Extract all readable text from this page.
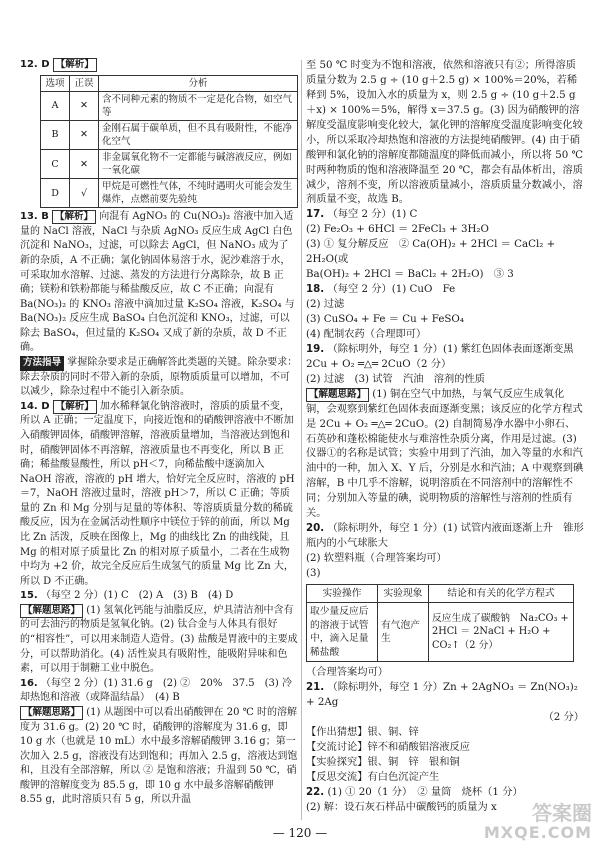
12. D 【解析】
选项	正误	分析
A	✕	含不同种元素的物质不一定是化合物，如空气等
B	✕	金刚石属于碳单质，但不具有吸附性，不能净化空气
C	✕	非金属氧化物不一定都能与碱溶液反应，例如一氧化碳
D	√	甲烷是可燃性气体，不纯时遇明火可能会发生爆炸，点燃前要先验纯

13. B 【解析】 向混有 AgNO₃ 的 Cu(NO₃)₂ 溶液中加入适量的 NaCl 溶液，NaCl 与杂质 AgNO₃ 反应生成 AgCl 白色沉淀和 NaNO₃，过滤，可以除去 AgCl，但 NaNO₃ 成为了新的杂质，A 不正确；氯化钠固体易溶于水，泥沙难溶于水，可采取加水溶解、过滤、蒸发的方法进行分离除杂，故 B 正确；镁粉和铁粉都能与稀盐酸反应，故 C 不正确；向混有 Ba(NO₃)₂ 的 KNO₃ 溶液中滴加过量 K₂SO₄ 溶液，K₂SO₄ 与 Ba(NO₃)₂ 反应生成 BaSO₄ 白色沉淀和 KNO₃，过滤，可以除去 BaSO₄，但过量的 K₂SO₄ 又成了新的杂质，故 D 不正确。

方法指导 掌握除杂要求是正确解答此类题的关键。除杂要求：除去杂质的同时不带入新的杂质，原物质质量可以增加，不可以减少，除杂过程中不能引入新杂质。

14. D 【解析】 加水稀释氯化钠溶液时，溶质的质量不变，所以 A 正确；一定温度下，向接近饱和的硝酸钾溶液中不断加入硝酸钾固体，硝酸钾溶解，溶液质量增加，当溶液达到饱和时，硝酸钾固体不再溶解，溶液质量也不再变化，所以 B 正确；稀盐酸显酸性，所以 pH＜7，向稀盐酸中逐滴加入 NaOH 溶液，溶液的 pH 增大，恰好完全反应时，溶液的 pH＝7，NaOH 溶液过量时，溶液 pH＞7，所以 C 正确；等质量的 Zn 和 Mg 分别与足量的等体积、等溶质质量分数的稀硫酸反应，因为在金属活动性顺序中镁位于锌的前面，所以 Mg 比 Zn 活泼，反映在图像上，Mg 的曲线比 Zn 的曲线陡，且 Mg 的相对原子质量比 Zn 的相对原子质量小，二者在生成物中均为 +2 价，故完全反应后生成氢气的质量 Mg 比 Zn 大，所以 D 不正确。

15. （每空 2 分）(1) C　(2) A　(3) B　(4) D

【解题思路】 (1) 氢氧化钙能与油脂反应，炉具清洁剂中含有的可去油污的物质是氢氧化钠。(2) 钛合金与人体具有很好的“相容性”，可以用来制造人造骨。(3) 盐酸是胃液中的主要成分，可以帮助消化。(4) 活性炭具有吸附性，能吸附异味和色素，可以用于制糖工业中脱色。

16. （每空 2 分）(1) 31.6 g　(2) ②　20%　37.5　(3) 冷却热饱和溶液（或降温结晶）　(4) B

【解题思路】 (1) 从题图中可以看出硝酸钾在 20 ℃ 时的溶解度为 31.6 g。(2) 20 ℃ 时，硝酸钾的溶解度为 31.6 g，即 10 g 水（也就是 10 mL）水中最多溶解硝酸钾 3.16 g；第一次加入 2.5 g，溶液没有达到饱和；再加入 2.5 g，溶液达到饱和，且没有全部溶解，所以 ② 是饱和溶液；升温到 50 ℃，硝酸钾的溶解度变为 85.5 g，即 10 g 水中最多溶解硝酸钾 8.55 g，此时溶质只有 5 g，所以升温

至 50 ℃ 时变为不饱和溶液，依然和溶液只有②；所得溶质质量分数为 2.5 g ÷ (10 g＋2.5 g) × 100%＝20%，若稀释到 5%，设加入水的质量为 x，则 2.5 g ÷ (10 g＋2.5 g＋x) × 100%＝5%，解得 x＝37.5 g。(3) 因为硝酸钾的溶解度受温度影响变化较大，氯化钾的溶解度受温度影响变化较小，所以采取冷却热饱和溶液的方法提纯硝酸钾。(4) 由于硝酸钾和氯化钠的溶解度都随温度的降低而减小，所以将 50 ℃ 时两种物质的饱和溶液降温至 20 ℃，都会有晶体析出，溶质减少，溶剂不变，所以溶液质量减小，溶质质量分数减小，溶剂质量不变，故选 B。

17. （每空 2 分）(1) C

(2) Fe₂O₃ + 6HCl ＝ 2FeCl₃ + 3H₂O

(3) ① 复分解反应　② Ca(OH)₂ + 2HCl ＝ CaCl₂ + 2H₂O(或

Ba(OH)₂ + 2HCl ＝ BaCl₂ + 2H₂O)　③ 3

18. （每空 2 分）(1) CuO　Fe

(2) 过滤

(3) CuSO₄ + Fe ＝ Cu + FeSO₄

(4) 配制农药（合理即可）

19. （除标明外，每空 1 分）(1) 紫红色固体表面逐渐变黑　2Cu + O₂ ═△═ 2CuO（2 分）

(2) 过滤　(3) 试管　汽油　溶剂的性质

【解题思路】 (1) 铜在空气中加热，与氧气反应生成氧化铜，会观察到紫红色固体表面逐渐变黑；该反应的化学方程式是 2Cu + O₂ ═△═ 2CuO。(2) 自制简易净水器中小卵石、石英砂和蓬松棉能使水与难溶性杂质分离，作用是过滤。(3) 仪器①的名称是试管；实验中用到了汽油，加入等量的水和汽油中的一种，加入 X、Y 后，分别是水和汽油；A 中观察到碘溶解，B 中几乎不溶解，说明溶质在不同溶剂中的溶解性不同；分别加入等量的碘，说明物质的溶解性与溶剂的性质有关。

20. （除标明外，每空 1 分）(1) 试管内液面逐渐上升　锥形瓶内的小气球胀大

(2) 软塑料瓶（合理答案均可）

(3)

实验操作	实验现象	结论和有关的化学方程式
取少量反应后的溶液于试管中，滴入足量稀盐酸	有气泡产生	反应生成了碳酸钠　Na₂CO₃ + 2HCl ＝ 2NaCl + H₂O + CO₂↑（2 分）

（合理答案均可）

21. （除标明外，每空 1 分）Zn + 2AgNO₃ ＝ Zn(NO₃)₂ + 2Ag

（2 分）

【作出猜想】银、铜、锌

【交流讨论】锌不和硝酸铝溶液反应

【实验探究】银、铜　锌　银和铜

【反思交流】有白色沉淀产生

22. (1) ① 20（1 分）　② 量筒　烧杯（1 分）

(2) 解：设石灰石样品中碳酸钙的质量为 x

— 120 —
答案圈
MXQE.COM
